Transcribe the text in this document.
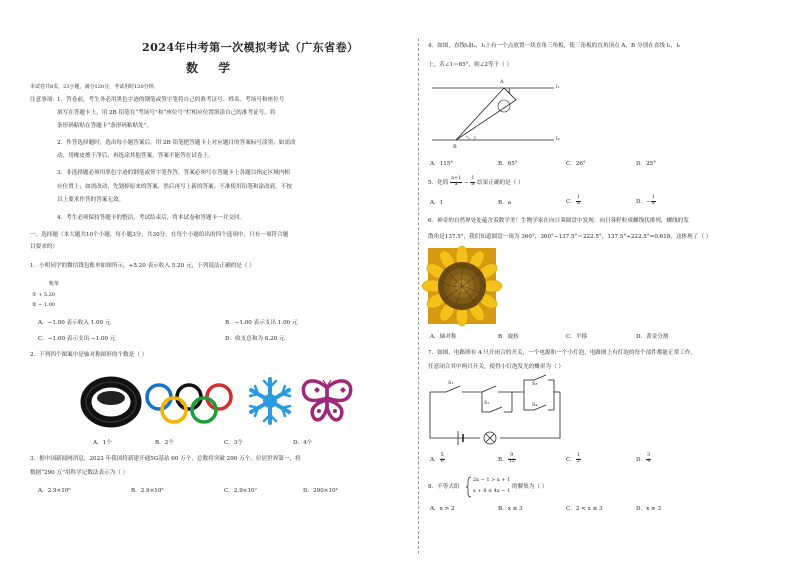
2024年中考第一次模拟考试（广东省卷）
数 学
本试卷共8页，23小题，满分120分，考试用时120分钟。
注意事项： 1．答卷前，考生务必用黑色字迹的钢笔或签字笔将自己的准考证号、姓名、考场号和座位号
填写在答题卡上。用 2B 铅笔在“考场号”和“座位号”栏相应位置填涂自己的准考证号。将
条形码粘贴在答题卡“条形码粘贴处”。
2．作答选择题时，选出每小题答案后，用 2B 铅笔把答题卡上对应题目的答案标号涂黑；如需改
动，用橡皮擦干净后，再选涂其他答案，答案不能答在试卷上。
3．非选择题必须用黑色字迹的钢笔或签字笔作答，答案必须写在答题卡上各题目指定区域内相
应位置上；如需改动，先划掉原来的答案，然后再写上新的答案；不准使用铅笔和涂改液。不按
以上要求作答的答案无效。
4．考生必须保持答题卡的整洁，考试结束后，将本试卷和答题卡一并交回。
一、选择题（本大题共10个小题，每小题3分，共30分，在每个小题给出的四个选项中，只有一项符合题
目要求的）
1．小明同学的微信钱包账单如图所示，+5.20 表示收入 5.20 元，下列说法正确的是（ ）
账单
① + 5.20
② − 1.00
A．−1.00 表示收入 1.00 元	B．−1.00 表示支出 1.00 元
C．−1.00 表示支出 −1.00 元	D．收支总和为 6.20 元
2．下列四个图案中是轴对称图形的个数是（ ）
A．1个	B．2个	C．3个	D．4个
3．据中国新闻网消息，2023 年我国将新建开通5G基站 60 万个，总数将突破 290 万个，位居世界第一，将
数据“290 万”用科学记数法表示为（ ）
A．2.9×10⁶	B．2.9×10⁵	C．2.9×10⁷	D．290×10⁴
4．如图，直线l₁∥l₂，l₁上有一个点放置一块直角三角板，使三角板的直角顶点 A，B 分别在直线 l₁，l₂
上，若∠1＝65°，则∠2等于（ ）
A
1
2
B
l₁
l₂
A．115°	B．65°	C．26°	D．25°
5．化简 $\frac{a+1}{a} - \frac{1}{a}$ 结果正确的是（ ）
A．1	B．a	C． $\frac{1}{a}$	D．− $\frac{1}{a}$
6．神奇的自然界处处蕴含着数学美！生物学家在向日葵圆盘中发现：向日葵籽粒成螺线状排列，螺线的发
散角是137.5°，我们知道圆盘一周为 360°，360°−137.5°＝222.5°，137.5°÷222.5°≈0.618，这体现了（ ）
A．轴对称	B．旋转	C．平移	D．黄金分割
7．如图，电路图有 4 只开闭合的开关，一个电源和一个小灯泡，电路图上有灯泡的每个部件都能正常工作，
任意闭合其中两只开关，使得小灯泡发光的概率为（ ）
S₁
S₂
S₃
S₄
A． $\frac{5}{6}$	B． $\frac{9}{12}$	C． $\frac{1}{2}$	D． $\frac{3}{4}$
8．不等式组
2x − 1 > x + 1
x + 8 ≤ 4x − 1
的解集为（ ）
A．x > 2	B．x ≤ 3	C．2 < x ≤ 3	D．x ≥ 3
